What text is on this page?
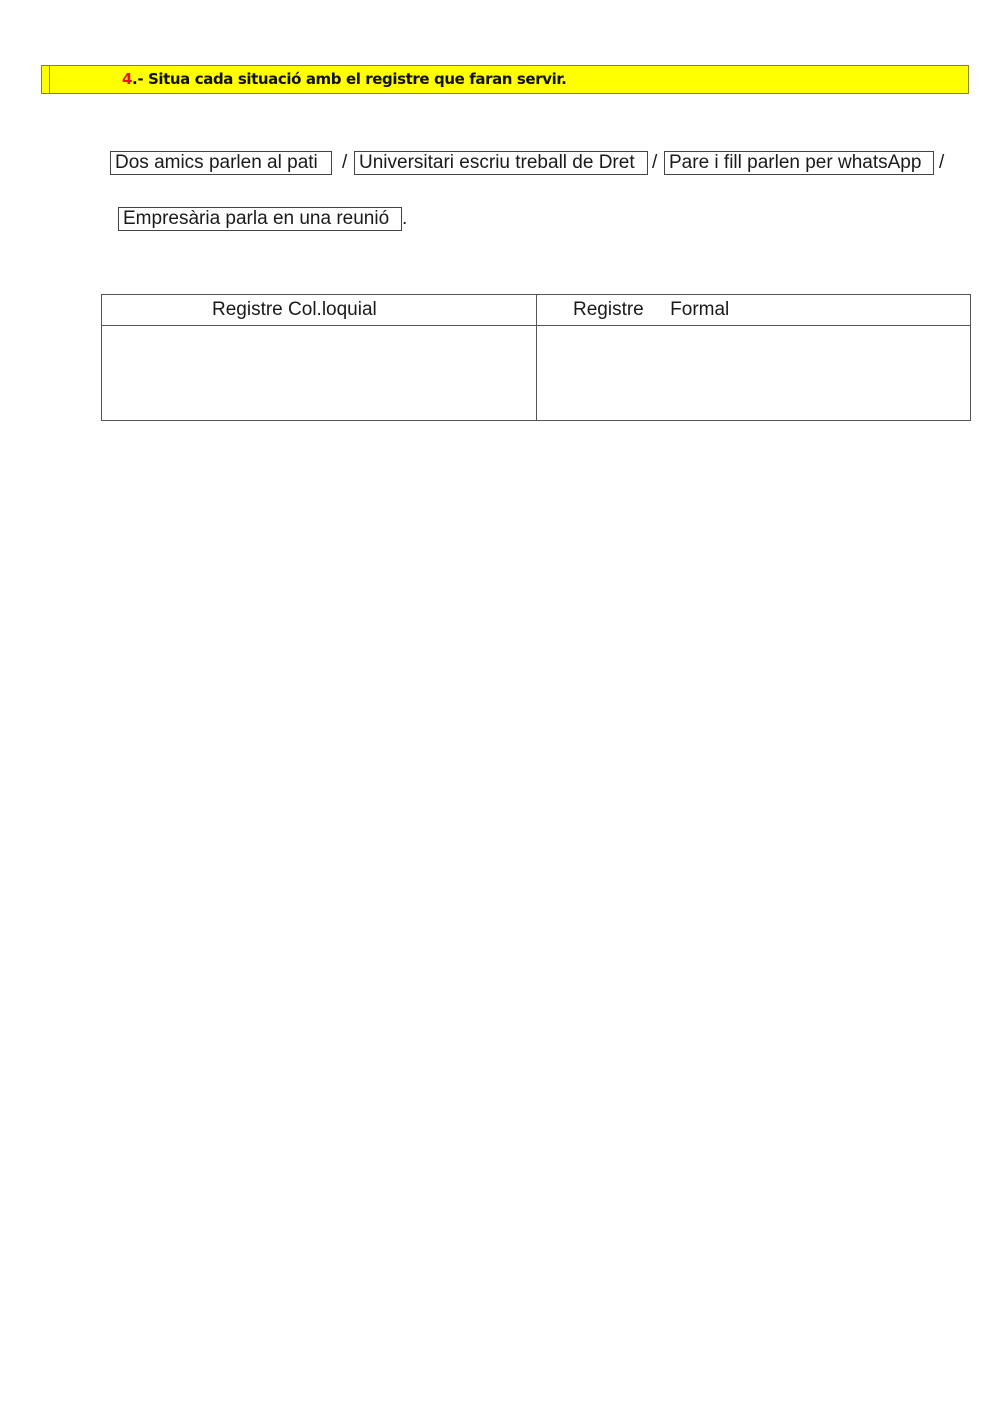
4.- Situa cada situació amb el registre que faran servir.
Dos amics parlen al pati	/ Universitari escriu treball de Dret / Pare i fill parlen per whatsApp /
Empresària parla en una reunió .
Registre Col.loquial	Registre     Formal
